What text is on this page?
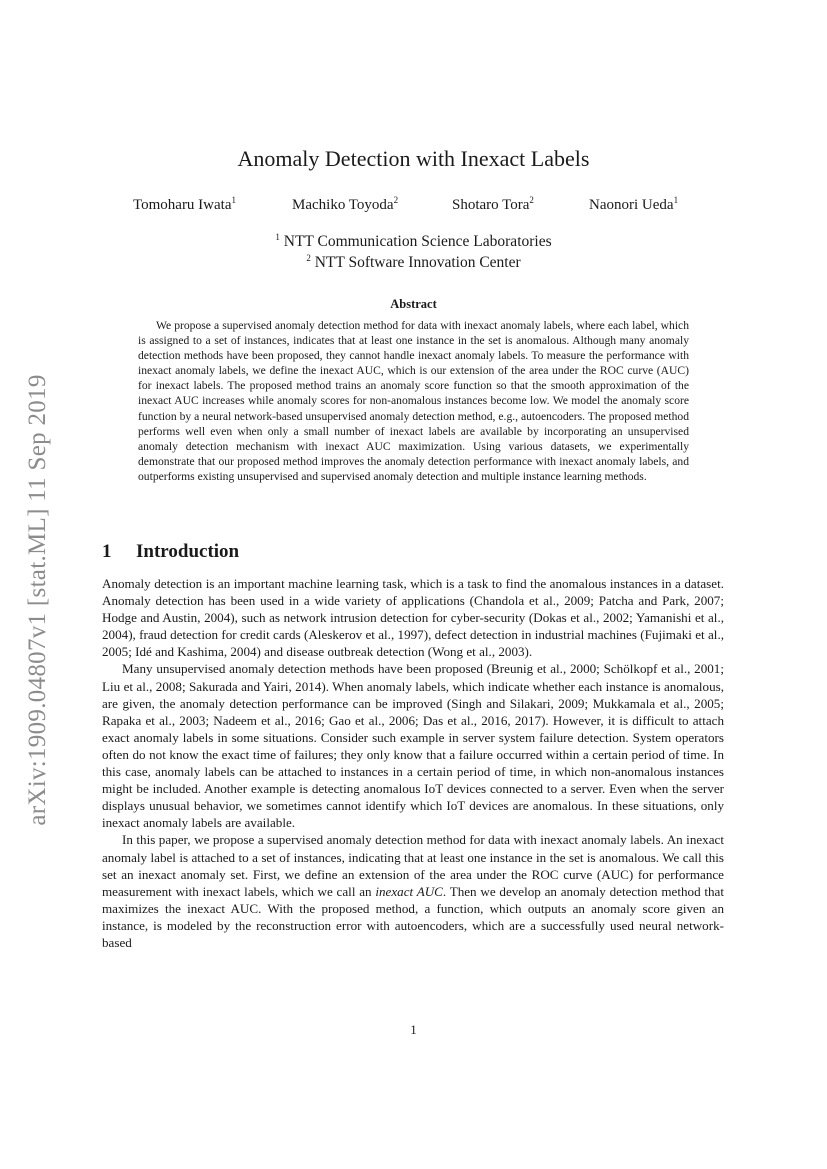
arXiv:1909.04807v1 [stat.ML] 11 Sep 2019
Anomaly Detection with Inexact Labels
Tomoharu Iwata$^1$	Machiko Toyoda$^2$	Shotaro Tora$^2$	Naonori Ueda$^1$
$^1$ NTT Communication Science Laboratories
$^2$ NTT Software Innovation Center
Abstract

We propose a supervised anomaly detection method for data with inexact anomaly labels, where each label, which is assigned to a set of instances, indicates that at least one instance in the set is anomalous. Although many anomaly detection methods have been proposed, they cannot handle inexact anomaly labels. To measure the performance with inexact anomaly labels, we define the inexact AUC, which is our extension of the area under the ROC curve (AUC) for inexact labels. The proposed method trains an anomaly score function so that the smooth approximation of the inexact AUC increases while anomaly scores for non-anomalous instances become low. We model the anomaly score function by a neural network-based unsupervised anomaly detection method, e.g., autoencoders. The proposed method performs well even when only a small number of inexact labels are available by incorporating an unsupervised anomaly detection mechanism with inexact AUC maximization. Using various datasets, we experimentally demonstrate that our proposed method improves the anomaly detection performance with inexact anomaly labels, and outperforms existing unsupervised and supervised anomaly detection and multiple instance learning methods.

1 Introduction

Anomaly detection is an important machine learning task, which is a task to find the anomalous instances in a dataset. Anomaly detection has been used in a wide variety of applications (Chandola et al., 2009; Patcha and Park, 2007; Hodge and Austin, 2004), such as network intrusion detection for cyber-security (Dokas et al., 2002; Yamanishi et al., 2004), fraud detection for credit cards (Aleskerov et al., 1997), defect detection in industrial machines (Fujimaki et al., 2005; Idé and Kashima, 2004) and disease outbreak detection (Wong et al., 2003).

Many unsupervised anomaly detection methods have been proposed (Breunig et al., 2000; Schölkopf et al., 2001; Liu et al., 2008; Sakurada and Yairi, 2014). When anomaly labels, which indicate whether each instance is anomalous, are given, the anomaly detection performance can be improved (Singh and Silakari, 2009; Mukkamala et al., 2005; Rapaka et al., 2003; Nadeem et al., 2016; Gao et al., 2006; Das et al., 2016, 2017). However, it is difficult to attach exact anomaly labels in some situations. Consider such example in server system failure detection. System operators often do not know the exact time of failures; they only know that a failure occurred within a certain period of time. In this case, anomaly labels can be attached to instances in a certain period of time, in which non-anomalous instances might be included. Another example is detecting anomalous IoT devices connected to a server. Even when the server displays unusual behavior, we sometimes cannot identify which IoT devices are anomalous. In these situations, only inexact anomaly labels are available.

In this paper, we propose a supervised anomaly detection method for data with inexact anomaly labels. An inexact anomaly label is attached to a set of instances, indicating that at least one instance in the set is anomalous. We call this set an inexact anomaly set. First, we define an extension of the area under the ROC curve (AUC) for performance measurement with inexact labels, which we call an inexact AUC. Then we develop an anomaly detection method that maximizes the inexact AUC. With the proposed method, a function, which outputs an anomaly score given an instance, is modeled by the reconstruction error with autoencoders, which are a successfully used neural network-based

1
